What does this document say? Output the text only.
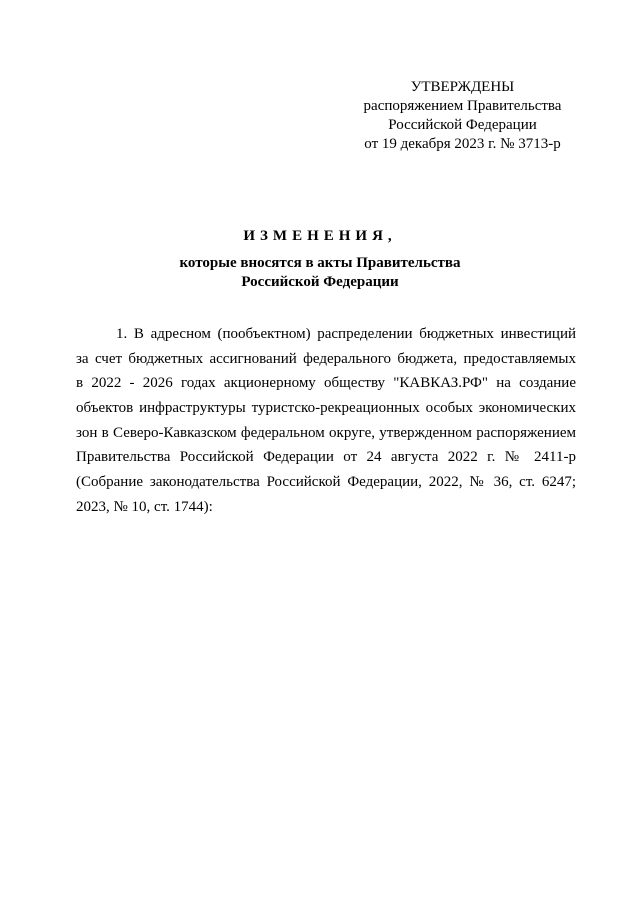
УТВЕРЖДЕНЫ
распоряжением Правительства
Российской Федерации
от 19 декабря 2023 г. № 3713-р
ИЗМЕНЕНИЯ,
которые вносятся в акты Правительства
Российской Федерации
1. В адресном (пообъектном) распределении бюджетных инвестиций
за счет бюджетных ассигнований федерального бюджета, предоставляемых
в 2022 - 2026 годах акционерному обществу "КАВКАЗ.РФ" на создание
объектов инфраструктуры туристско-рекреационных особых экономических
зон в Северо-Кавказском федеральном округе, утвержденном распоряжением
Правительства Российской Федерации от 24 августа 2022 г. № 2411-р
(Собрание законодательства Российской Федерации, 2022, № 36, ст. 6247;
2023, № 10, ст. 1744):
